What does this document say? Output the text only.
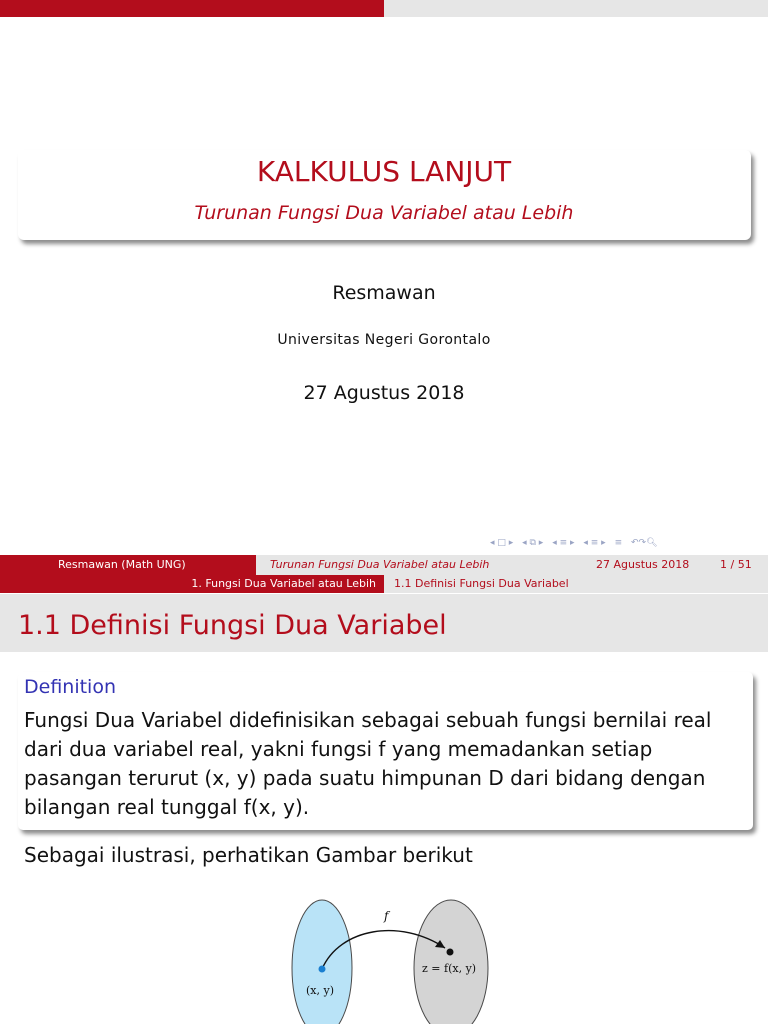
KALKULUS LANJUT
Turunan Fungsi Dua Variabel atau Lebih
Resmawan
Universitas Negeri Gorontalo
27 Agustus 2018
◂ □ ▸ ◂ ⧉ ▸ ◂ ≡ ▸ ◂ ≡ ▸ ≡ ↶↷🔍︎
Resmawan (Math UNG)	Turunan Fungsi Dua Variabel atau Lebih	27 Agustus 2018	1 / 51
1. Fungsi Dua Variabel atau Lebih	1.1 Definisi Fungsi Dua Variabel
1.1 Definisi Fungsi Dua Variabel
Definition
Fungsi Dua Variabel didefinisikan sebagai sebuah fungsi bernilai real dari dua variabel real, yakni fungsi f yang memadankan setiap pasangan terurut (x, y) pada suatu himpunan D dari bidang dengan bilangan real tunggal f(x, y).
Sebagai ilustrasi, perhatikan Gambar berikut
f
(x, y)
z = f(x, y)
